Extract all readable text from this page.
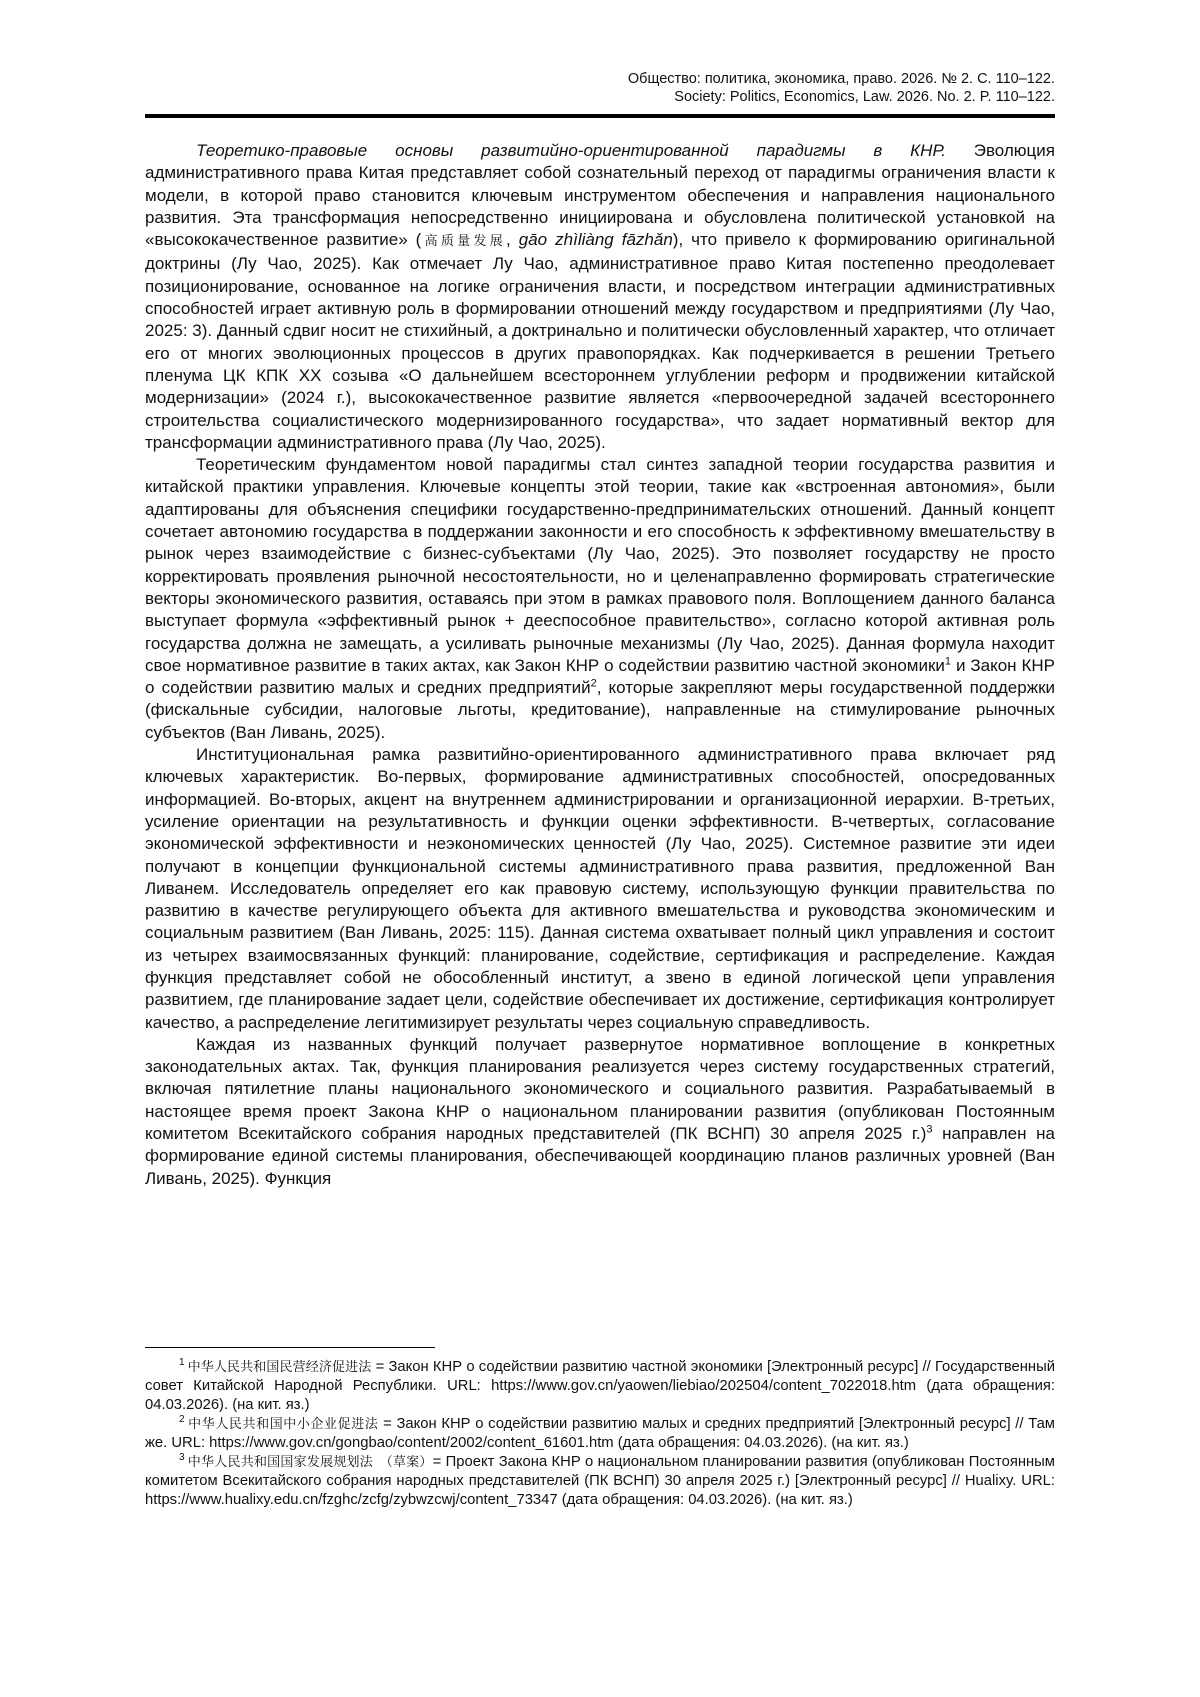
Общество: политика, экономика, право. 2026. № 2. С. 110–122.
Society: Politics, Economics, Law. 2026. No. 2. P. 110–122.

Теоретико-правовые основы развитийно-ориентированной парадигмы в КНР. Эволюция административного права Китая представляет собой сознательный переход от парадигмы ограничения власти к модели, в которой право становится ключевым инструментом обеспечения и направления национального развития. Эта трансформация непосредственно инициирована и обусловлена политической установкой на «высококачественное развитие» (高质量发展, gāo zhìliàng fāzhǎn), что привело к формированию оригинальной доктрины (Лу Чао, 2025). Как отмечает Лу Чао, административное право Китая постепенно преодолевает позиционирование, основанное на логике ограничения власти, и посредством интеграции административных способностей играет активную роль в формировании отношений между государством и предприятиями (Лу Чао, 2025: 3). Данный сдвиг носит не стихийный, а доктринально и политически обусловленный характер, что отличает его от многих эволюционных процессов в других правопорядках. Как подчеркивается в решении Третьего пленума ЦК КПК XX созыва «О дальнейшем всестороннем углублении реформ и продвижении китайской модернизации» (2024 г.), высококачественное развитие является «первоочередной задачей всестороннего строительства социалистического модернизированного государства», что задает нормативный вектор для трансформации административного права (Лу Чао, 2025).

Теоретическим фундаментом новой парадигмы стал синтез западной теории государства развития и китайской практики управления. Ключевые концепты этой теории, такие как «встроенная автономия», были адаптированы для объяснения специфики государственно-предпринимательских отношений. Данный концепт сочетает автономию государства в поддержании законности и его способность к эффективному вмешательству в рынок через взаимодействие с бизнес-субъектами (Лу Чао, 2025). Это позволяет государству не просто корректировать проявления рыночной несостоятельности, но и целенаправленно формировать стратегические векторы экономического развития, оставаясь при этом в рамках правового поля. Воплощением данного баланса выступает формула «эффективный рынок + дееспособное правительство», согласно которой активная роль государства должна не замещать, а усиливать рыночные механизмы (Лу Чао, 2025). Данная формула находит свое нормативное развитие в таких актах, как Закон КНР о содействии развитию частной экономики$^1$ и Закон КНР о содействии развитию малых и средних предприятий$^2$, которые закрепляют меры государственной поддержки (фискальные субсидии, налоговые льготы, кредитование), направленные на стимулирование рыночных субъектов (Ван Ливань, 2025).

Институциональная рамка развитийно-ориентированного административного права включает ряд ключевых характеристик. Во-первых, формирование административных способностей, опосредованных информацией. Во-вторых, акцент на внутреннем администрировании и организационной иерархии. В-третьих, усиление ориентации на результативность и функции оценки эффективности. В-четвертых, согласование экономической эффективности и неэкономических ценностей (Лу Чао, 2025). Системное развитие эти идеи получают в концепции функциональной системы административного права развития, предложенной Ван Ливанем. Исследователь определяет его как правовую систему, использующую функции правительства по развитию в качестве регулирующего объекта для активного вмешательства и руководства экономическим и социальным развитием (Ван Ливань, 2025: 115). Данная система охватывает полный цикл управления и состоит из четырех взаимосвязанных функций: планирование, содействие, сертификация и распределение. Каждая функция представляет собой не обособленный институт, а звено в единой логической цепи управления развитием, где планирование задает цели, содействие обеспечивает их достижение, сертификация контролирует качество, а распределение легитимизирует результаты через социальную справедливость.

Каждая из названных функций получает развернутое нормативное воплощение в конкретных законодательных актах. Так, функция планирования реализуется через систему государственных стратегий, включая пятилетние планы национального экономического и социального развития. Разрабатываемый в настоящее время проект Закона КНР о национальном планировании развития (опубликован Постоянным комитетом Всекитайского собрания народных представителей (ПК ВСНП) 30 апреля 2025 г.)$^3$ направлен на формирование единой системы планирования, обеспечивающей координацию планов различных уровней (Ван Ливань, 2025). Функция

$^1$ 中华人民共和国民营经济促进法 = Закон КНР о содействии развитию частной экономики [Электронный ресурс] // Государственный совет Китайской Народной Республики. URL: https://www.gov.cn/yaowen/liebiao/202504/content_7022018.htm (дата обращения: 04.03.2026). (на кит. яз.)

$^2$ 中华人民共和国中小企业促进法 = Закон КНР о содействии развитию малых и средних предприятий [Электронный ресурс] // Там же. URL: https://www.gov.cn/gongbao/content/2002/content_61601.htm (дата обращения: 04.03.2026). (на кит. яз.)

$^3$ 中华人民共和国国家发展规划法　（草案）= Проект Закона КНР о национальном планировании развития (опубликован Постоянным комитетом Всекитайского собрания народных представителей (ПК ВСНП) 30 апреля 2025 г.) [Электронный ресурс] // Hualixy. URL: https://www.hualixy.edu.cn/fzghc/zcfg/zybwzcwj/content_73347 (дата обращения: 04.03.2026). (на кит. яз.)
